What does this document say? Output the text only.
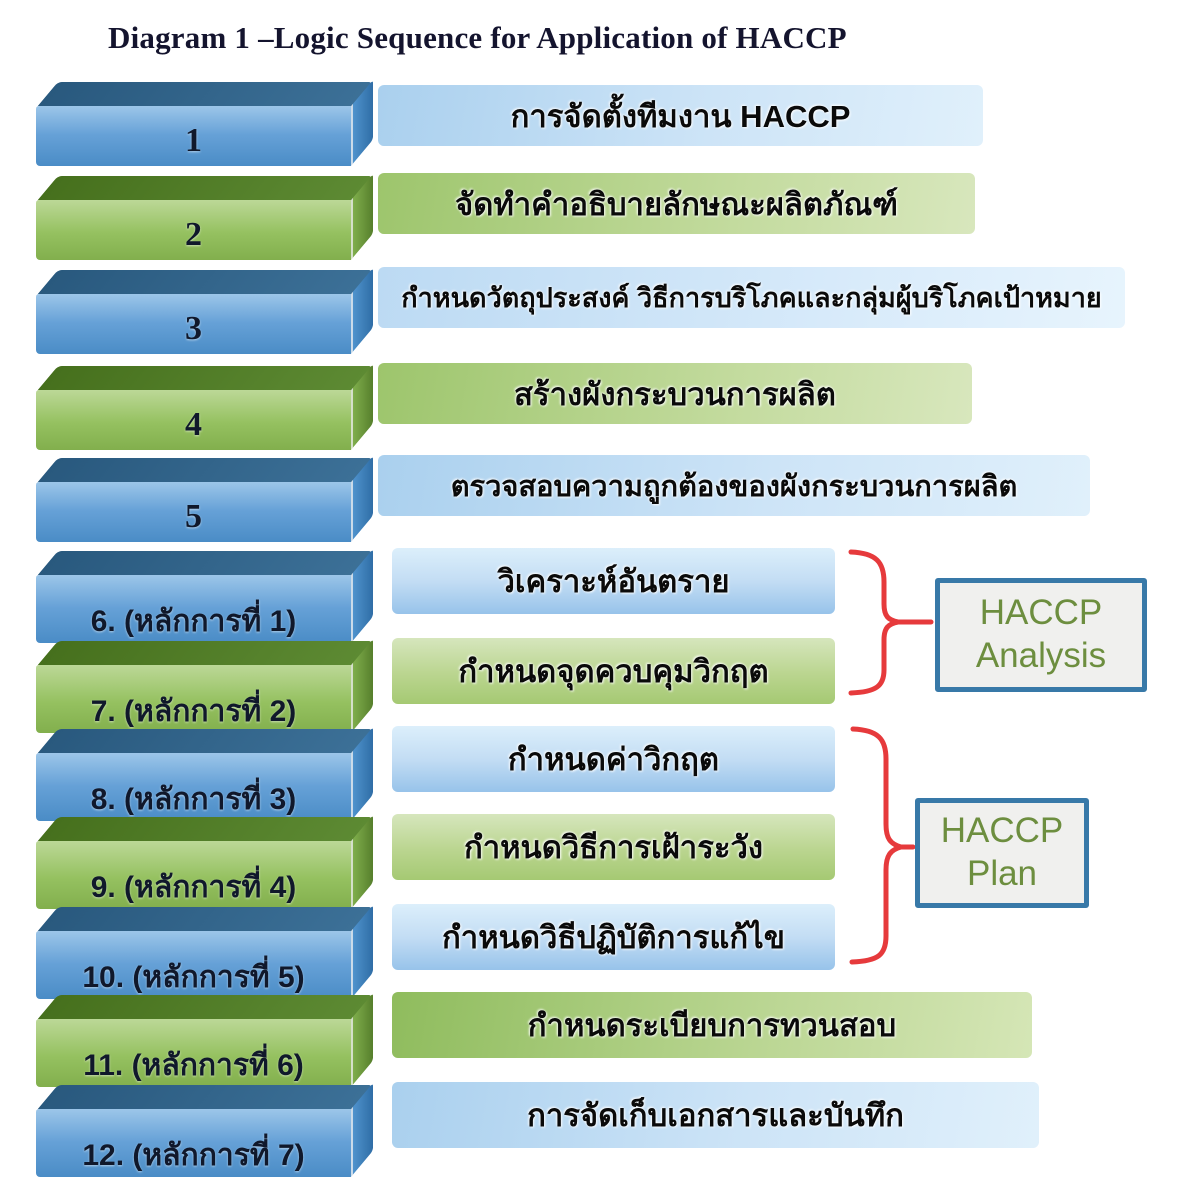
Diagram 1 –Logic Sequence for Application of HACCP
1
การจัดตั้งทีมงาน HACCP
2
จัดทำคำอธิบายลักษณะผลิตภัณฑ์
3
กำหนดวัตถุประสงค์ วิธีการบริโภคและกลุ่มผู้บริโภคเป้าหมาย
4
สร้างผังกระบวนการผลิต
5
ตรวจสอบความถูกต้องของผังกระบวนการผลิต
6. (หลักการที่ 1)
วิเคราะห์อันตราย
7. (หลักการที่ 2)
กำหนดจุดควบคุมวิกฤต
8. (หลักการที่ 3)
กำหนดค่าวิกฤต
9. (หลักการที่ 4)
กำหนดวิธีการเฝ้าระวัง
10. (หลักการที่ 5)
กำหนดวิธีปฏิบัติการแก้ไข
11. (หลักการที่ 6)
กำหนดระเบียบการทวนสอบ
12. (หลักการที่ 7)
การจัดเก็บเอกสารและบันทึก
HACCP
Analysis
HACCP
Plan
